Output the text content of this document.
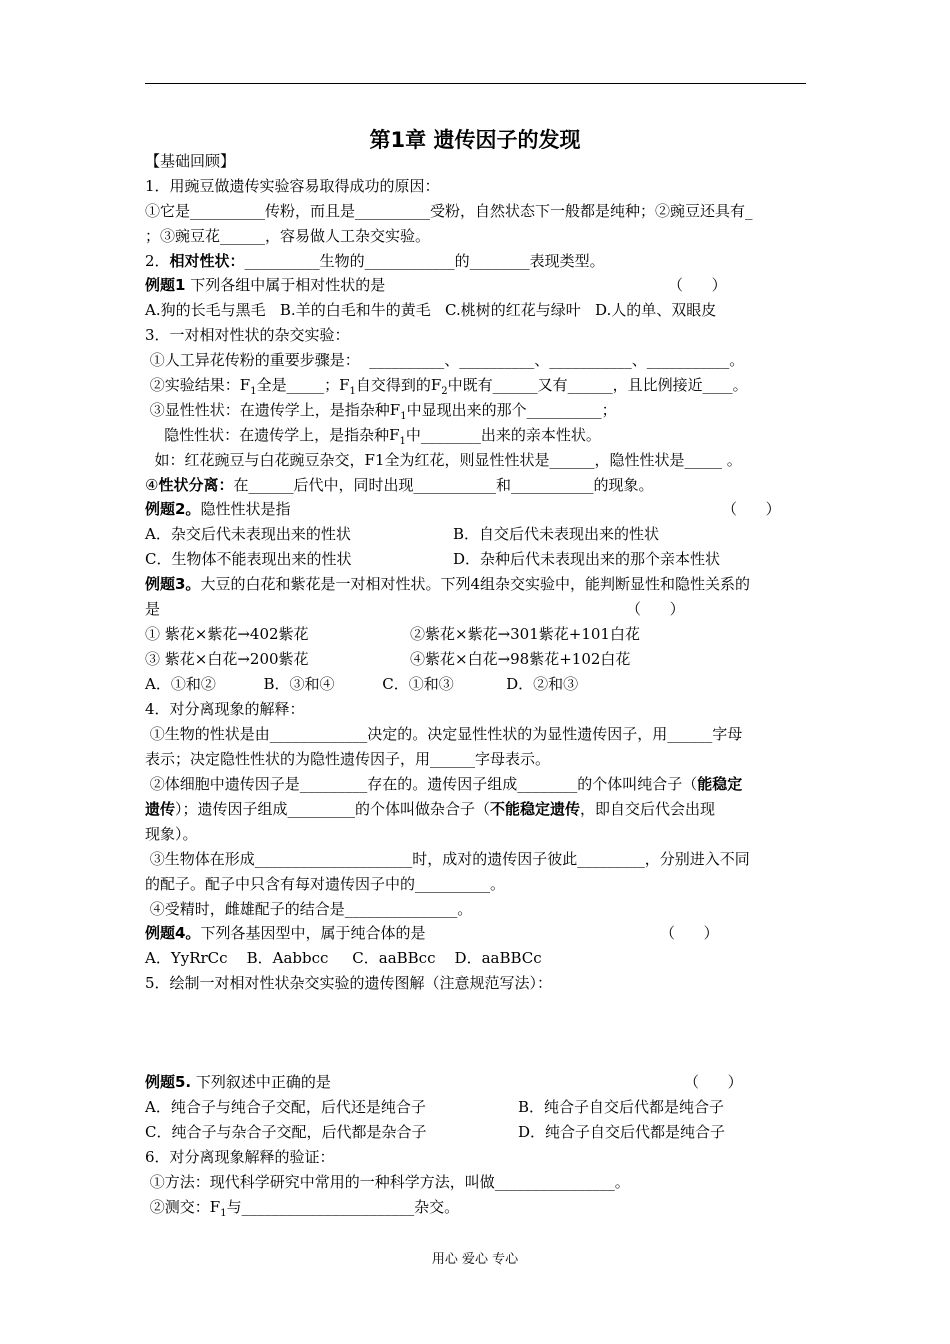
第1章 遗传因子的发现
【基础回顾】
1．用豌豆做遗传实验容易取得成功的原因：
①它是__________传粉，而且是__________受粉，自然状态下一般都是纯种；②豌豆还具有_
；③豌豆花______，容易做人工杂交实验。
2．相对性状：__________生物的____________的________表现类型。
例题1 下列各组中属于相对性状的是	（      ）
A.狗的长毛与黑毛   B.羊的白毛和牛的黄毛   C.桃树的红花与绿叶   D.人的单、双眼皮
3．一对相对性状的杂交实验：
①人工异花传粉的重要步骤是：  __________、__________、___________、___________。
②实验结果：$F_1$全是_____；$F_1$自交得到的$F_2$中既有______又有______，且比例接近____。
③显性性状：在遗传学上，是指杂种$F_1$中显现出来的那个__________；
隐性性状：在遗传学上，是指杂种$F_1$中________出来的亲本性状。
如：红花豌豆与白花豌豆杂交，F1全为红花，则显性性状是______，隐性性状是_____ 。
④性状分离：在______后代中，同时出现___________和___________的现象。
例题2。隐性性状是指	（      ）
A．杂交后代未表现出来的性状	B．自交后代未表现出来的性状
C．生物体不能表现出来的性状	D．杂种后代未表现出来的那个亲本性状
例题3。大豆的白花和紫花是一对相对性状。下列4组杂交实验中，能判断显性和隐性关系的
是	（      ）
① 紫花×紫花→402紫花	②紫花×紫花→301紫花+101白花
③ 紫花×白花→200紫花	④紫花×白花→98紫花+102白花
A．①和②          B．③和④          C．①和③           D．②和③
4．对分离现象的解释：
①生物的性状是由_____________决定的。决定显性性状的为显性遗传因子，用______字母
表示；决定隐性性状的为隐性遗传因子，用______字母表示。
②体细胞中遗传因子是_________存在的。遗传因子组成________的个体叫纯合子（能稳定
遗传）；遗传因子组成_________的个体叫做杂合子（不能稳定遗传，即自交后代会出现
现象）。
③生物体在形成_____________________时，成对的遗传因子彼此_________，分别进入不同
的配子。配子中只含有每对遗传因子中的__________。
④受精时，雌雄配子的结合是_______________。
例题4。下列各基因型中，属于纯合体的是	（      ）
A．YyRrCc    B．Aabbcc     C．aaBBcc    D．aaBBCc
5．绘制一对相对性状杂交实验的遗传图解（注意规范写法）：
例题5. 下列叙述中正确的是	（      ）
A．纯合子与纯合子交配，后代还是纯合子	B．纯合子自交后代都是纯合子
C．纯合子与杂合子交配，后代都是杂合子	D．纯合子自交后代都是纯合子
6．对分离现象解释的验证：
①方法：现代科学研究中常用的一种科学方法，叫做________________。
②测交：$F_1$与_______________________杂交。
用心 爱心 专心
